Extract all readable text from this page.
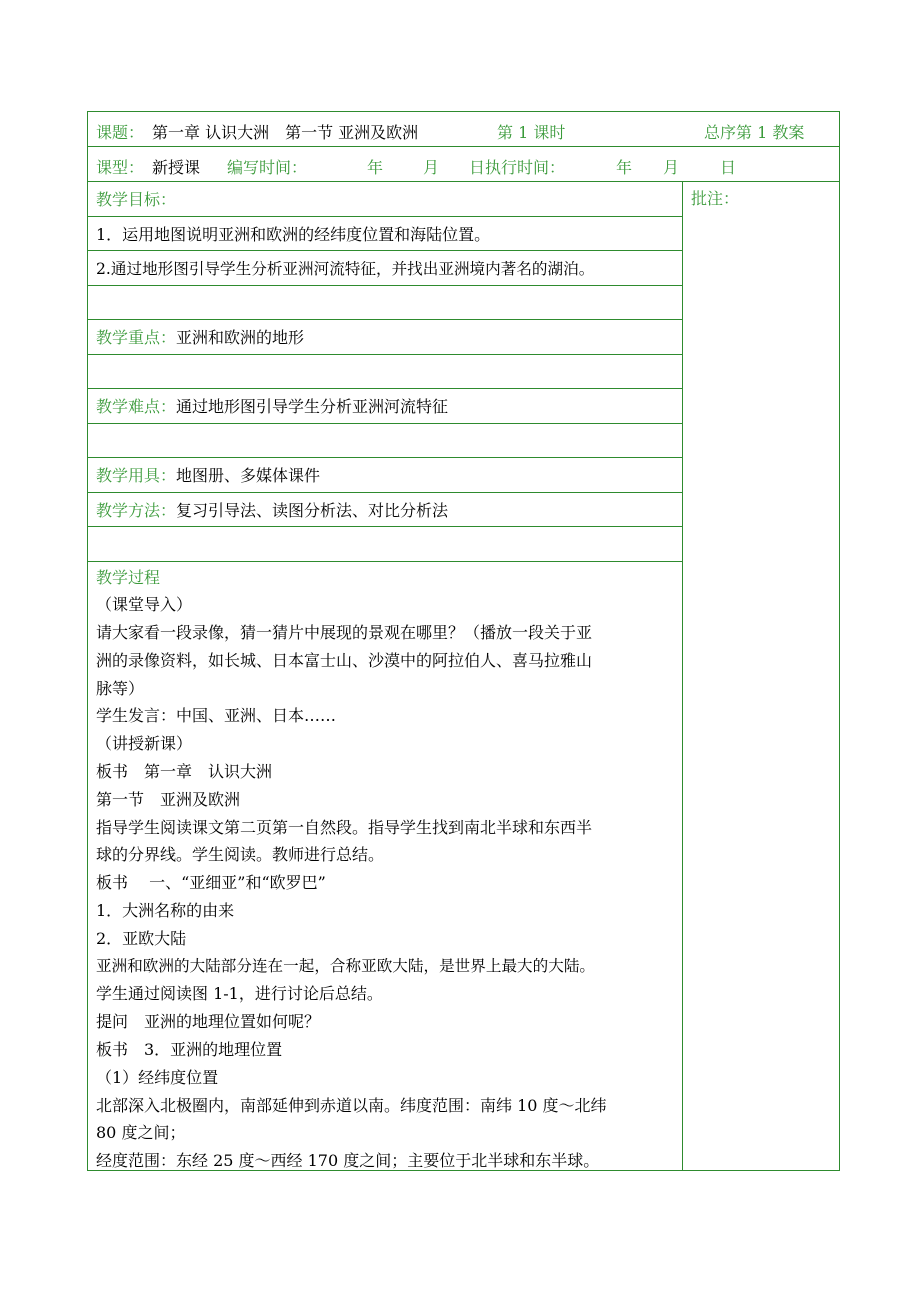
课题： 第一章 认识大洲　第一节 亚洲及欧洲	第 1 课时	总序第 1 教案
课型： 新授课 编写时间：	年 月 日执行时间：	年 月	日
教学目标：
1．运用地图说明亚洲和欧洲的经纬度位置和海陆位置。
2.通过地形图引导学生分析亚洲河流特征，并找出亚洲境内著名的湖泊。
教学重点： 亚洲和欧洲的地形
教学难点： 通过地形图引导学生分析亚洲河流特征
教学用具： 地图册、多媒体课件
教学方法： 复习引导法、读图分析法、对比分析法
教学过程
（课堂导入）
请大家看一段录像，猜一猜片中展现的景观在哪里？（播放一段关于亚
洲的录像资料，如长城、日本富士山、沙漠中的阿拉伯人、喜马拉雅山
脉等）
学生发言：中国、亚洲、日本……
（讲授新课）
板书　第一章　认识大洲
第一节　亚洲及欧洲
指导学生阅读课文第二页第一自然段。指导学生找到南北半球和东西半
球的分界线。学生阅读。教师进行总结。
板书　 一、“亚细亚”和“欧罗巴”
1．大洲名称的由来
2．亚欧大陆
亚洲和欧洲的大陆部分连在一起，合称亚欧大陆，是世界上最大的大陆。
学生通过阅读图 1-1，进行讨论后总结。
提问　亚洲的地理位置如何呢？
板书　3．亚洲的地理位置
（1）经纬度位置
北部深入北极圈内，南部延伸到赤道以南。纬度范围：南纬 10 度～北纬
80 度之间；
经度范围：东经 25 度～西经 170 度之间；主要位于北半球和东半球。
批注：
